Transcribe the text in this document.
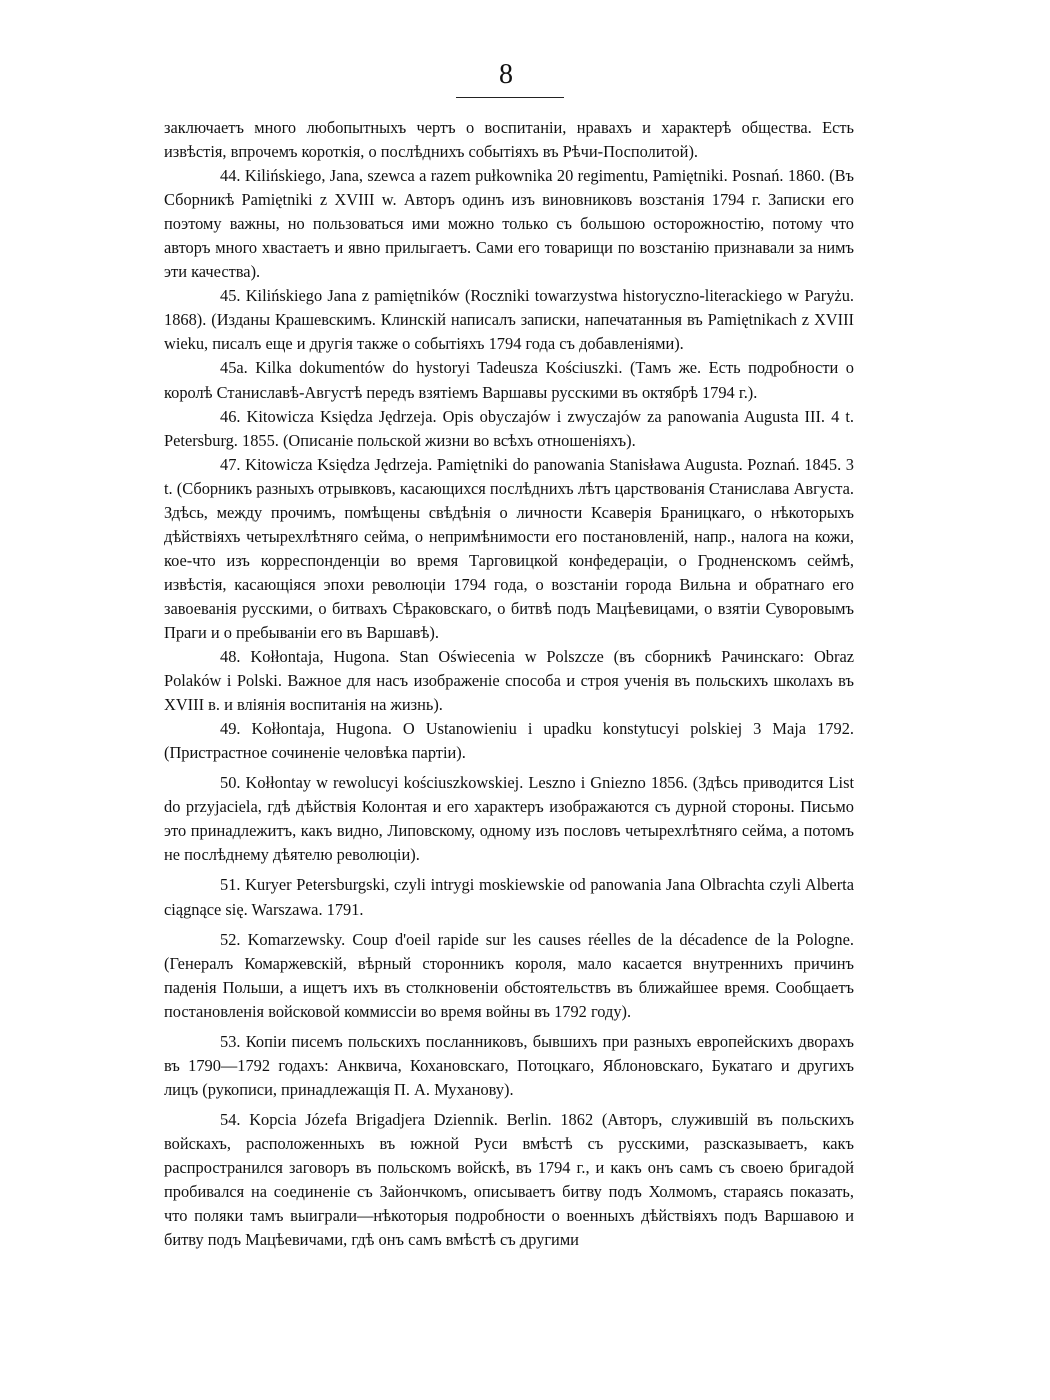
8

заключаетъ много любопытныхъ чертъ о воспитаніи, нравахъ и характерѣ общества. Есть извѣстія, впрочемъ короткія, о послѣднихъ событіяхъ въ Рѣчи-Посполитой).

44. Kilińskiego, Jana, szewca a razem pułkownika 20 regimentu, Pamiętniki. Posnań. 1860. (Въ Сборникѣ Pamiętniki z XVIII w. Авторъ одинъ изъ виновниковъ возстанія 1794 г. Записки его поэтому важны, но пользоваться ими можно только съ большою осторожностію, потому что авторъ много хвастаетъ и явно прилыгаетъ. Сами его товарищи по возстанію признавали за нимъ эти качества).

45. Kilińskiego Jana z pamiętników (Roczniki towarzystwa historyczno-literackiego w Paryżu. 1868). (Изданы Крашевскимъ. Клинскій написалъ записки, напечатанныя въ Pamiętnikach z XVIII wieku, писалъ еще и другія также о событіяхъ 1794 года съ добавленіями).

45a. Kilka dokumentów do hystoryi Tadeusza Kościuszki. (Тамъ же. Есть подробности о королѣ Станиславѣ-Августѣ передъ взятіемъ Варшавы русскими въ октябрѣ 1794 г.).

46. Kitowicza Księdza Jędrzeja. Opis obyczajów i zwyczajów za panowania Augusta III. 4 t. Petersburg. 1855. (Описаніе польской жизни во всѣхъ отношеніяхъ).

47. Kitowicza Księdza Jędrzeja. Pamiętniki do panowania Stanisława Augusta. Poznań. 1845. 3 t. (Сборникъ разныхъ отрывковъ, касающихся послѣднихъ лѣтъ царствованія Станислава Августа. Здѣсь, между прочимъ, помѣщены свѣдѣнія о личности Ксаверія Браницкаго, о нѣкоторыхъ дѣйствіяхъ четырехлѣтняго сейма, о непримѣнимости его постановленій, напр., налога на кожи, кое-что изъ корреспонденціи во время Тарговицкой конфедераціи, о Гродненскомъ сеймѣ, извѣстія, касающіяся эпохи революціи 1794 года, о возстаніи города Вильна и обратнаго его завоеванія русскими, о битвахъ Сѣраковскаго, о битвѣ подъ Мацѣевицами, о взятіи Суворовымъ Праги и о пребываніи его въ Варшавѣ).

48. Kołłontaja, Hugona. Stan Oświecenia w Polszcze (въ сборникѣ Рачинскаго: Obraz Polaków i Polski. Важное для насъ изображеніе способа и строя ученія въ польскихъ школахъ въ XVIII в. и вліянія воспитанія на жизнь).

49. Kołłontaja, Hugona. O Ustanowieniu i upadku konstytucyi polskiej 3 Maja 1792. (Пристрастное сочиненіе человѣка партіи).

50. Kołłontay w rewolucyi kościuszkowskiej. Leszno i Gniezno 1856. (Здѣсь приводится List do przyjaciela, гдѣ дѣйствія Колонтая и его характеръ изображаются съ дурной стороны. Письмо это принадлежитъ, какъ видно, Липовскому, одному изъ пословъ четырехлѣтняго сейма, а потомъ не послѣднему дѣятелю революціи).

51. Kuryer Petersburgski, czyli intrygi moskiewskie od panowania Jana Olbrachta czyli Alberta ciągnące się. Warszawa. 1791.

52. Komarzewsky. Coup d'oeil rapide sur les causes réelles de la décadence de la Pologne. (Генералъ Комаржевскій, вѣрный сторонникъ короля, мало касается внутреннихъ причинъ паденія Польши, а ищетъ ихъ въ столкновеніи обстоятельствъ въ ближайшее время. Сообщаетъ постановленія войсковой коммиссіи во время войны въ 1792 году).

53. Копіи писемъ польскихъ посланниковъ, бывшихъ при разныхъ европейскихъ дворахъ въ 1790—1792 годахъ: Анквича, Кохановскаго, Потоцкаго, Яблоновскаго, Букатаго и другихъ лицъ (рукописи, принадлежащія П. А. Муханову).

54. Kopcia Józefa Brigadjera Dziennik. Berlin. 1862 (Авторъ, служившій въ польскихъ войскахъ, расположенныхъ въ южной Руси вмѣстѣ съ русскими, разсказываетъ, какъ распространился заговоръ въ польскомъ войскѣ, въ 1794 г., и какъ онъ самъ съ своею бригадой пробивался на соединеніе съ Зайончкомъ, описываетъ битву подъ Холмомъ, стараясь показать, что поляки тамъ выиграли—нѣкоторыя подробности о военныхъ дѣйствіяхъ подъ Варшавою и битву подъ Мацѣевичами, гдѣ онъ самъ вмѣстѣ съ другими
